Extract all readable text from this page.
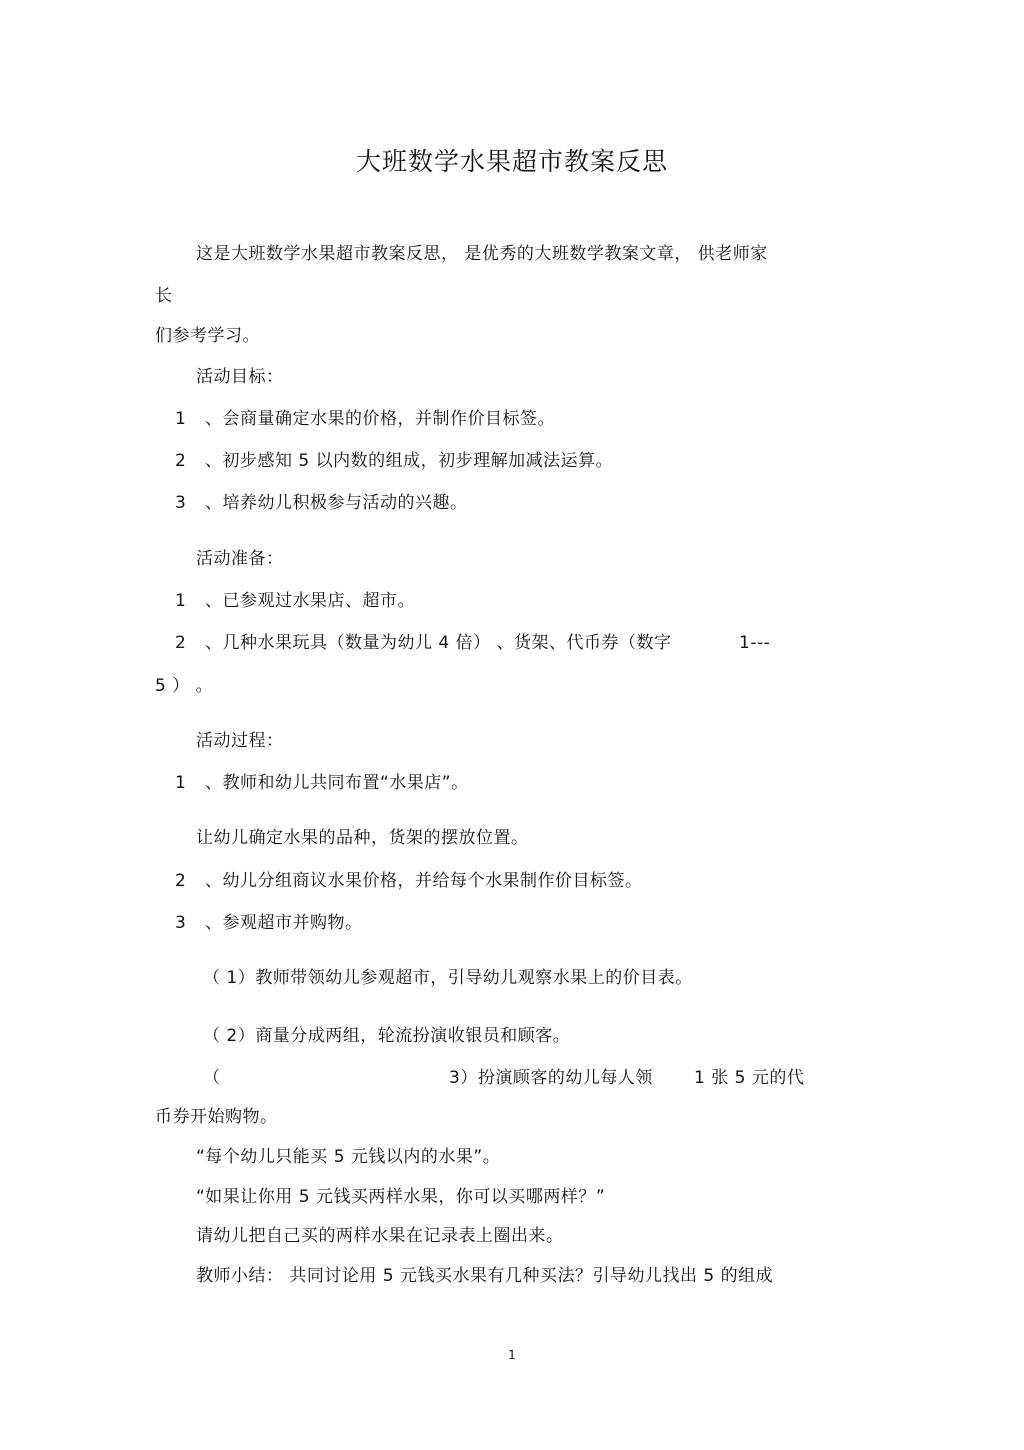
大班数学水果超市教案反思
这是大班数学水果超市教案反思， 是优秀的大班数学教案文章， 供老师家
长
们参考学习。
活动目标：
1 、会商量确定水果的价格，并制作价目标签。
2 、初步感知 5 以内数的组成，初步理解加减法运算。
3 、培养幼儿积极参与活动的兴趣。
活动准备：
1 、已参观过水果店、超市。
2 、几种水果玩具（数量为幼儿 4 倍） 、货架、代币券（数字	1---
5 ） 。
活动过程：
1 、教师和幼儿共同布置“水果店”。
让幼儿确定水果的品种，货架的摆放位置。
2 、幼儿分组商议水果价格，并给每个水果制作价目标签。
3 、参观超市并购物。
（ 1）教师带领幼儿参观超市，引导幼儿观察水果上的价目表。
（ 2）商量分成两组，轮流扮演收银员和顾客。
（	3）扮演顾客的幼儿每人领 1 张 5 元的代
币券开始购物。
“每个幼儿只能买 5 元钱以内的水果”。
“如果让你用 5 元钱买两样水果，你可以买哪两样？”
请幼儿把自己买的两样水果在记录表上圈出来。
教师小结： 共同讨论用 5 元钱买水果有几种买法？引导幼儿找出 5 的组成
1
